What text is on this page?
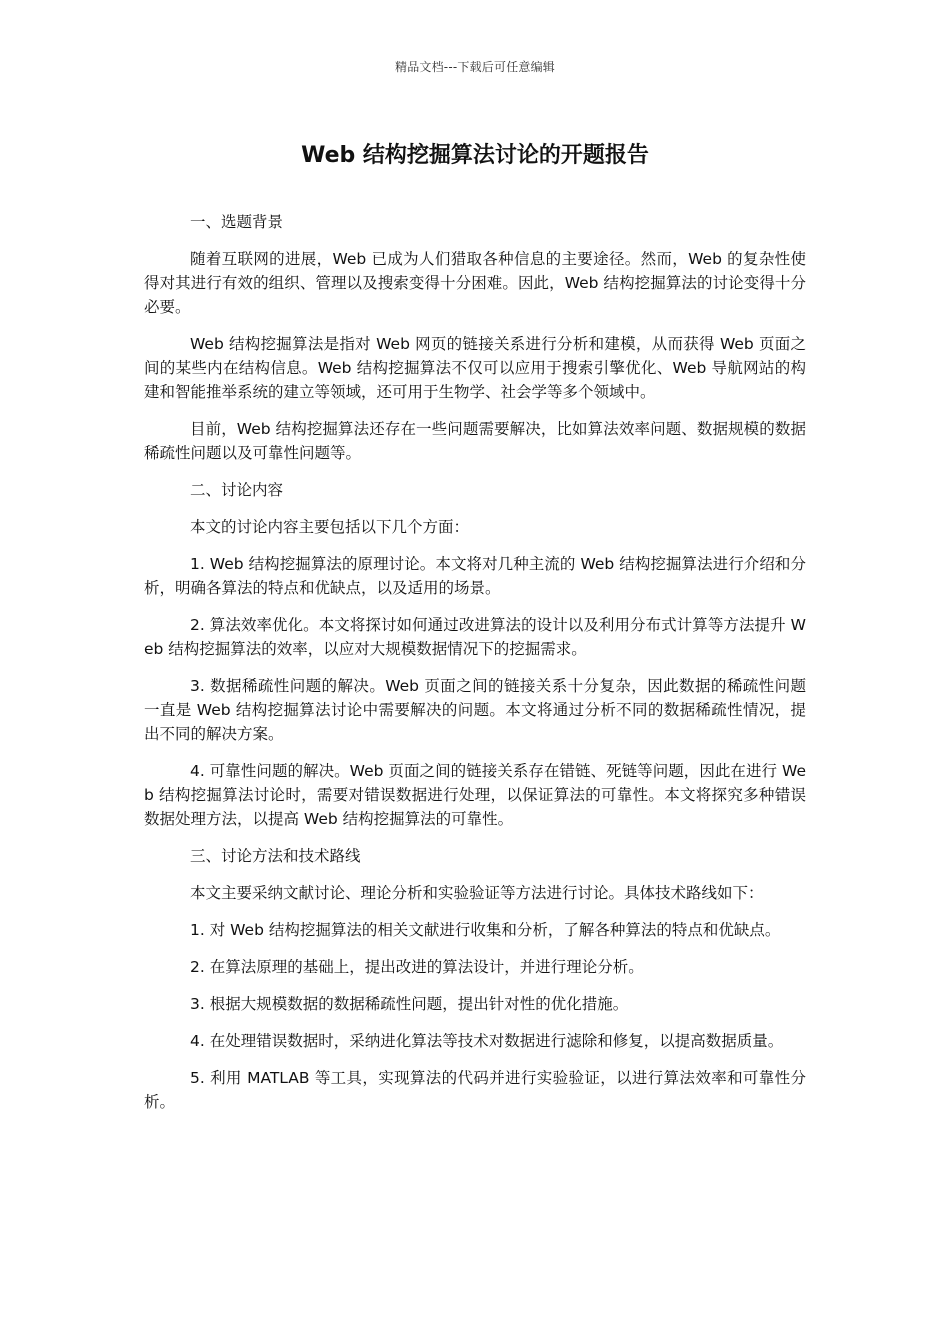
精品文档---下载后可任意编辑
Web 结构挖掘算法讨论的开题报告

一、选题背景

随着互联网的进展，Web 已成为人们猎取各种信息的主要途径。然而，Web 的复杂性使得对其进行有效的组织、管理以及搜索变得十分困难。因此，Web 结构挖掘算法的讨论变得十分必要。

Web 结构挖掘算法是指对 Web 网页的链接关系进行分析和建模，从而获得 Web 页面之间的某些内在结构信息。Web 结构挖掘算法不仅可以应用于搜索引擎优化、Web 导航网站的构建和智能推举系统的建立等领域，还可用于生物学、社会学等多个领域中。

目前，Web 结构挖掘算法还存在一些问题需要解决，比如算法效率问题、数据规模的数据稀疏性问题以及可靠性问题等。

二、讨论内容

本文的讨论内容主要包括以下几个方面：

1. Web 结构挖掘算法的原理讨论。本文将对几种主流的 Web 结构挖掘算法进行介绍和分析，明确各算法的特点和优缺点，以及适用的场景。

2. 算法效率优化。本文将探讨如何通过改进算法的设计以及利用分布式计算等方法提升 Web 结构挖掘算法的效率，以应对大规模数据情况下的挖掘需求。

3. 数据稀疏性问题的解决。Web 页面之间的链接关系十分复杂，因此数据的稀疏性问题一直是 Web 结构挖掘算法讨论中需要解决的问题。本文将通过分析不同的数据稀疏性情况，提出不同的解决方案。

4. 可靠性问题的解决。Web 页面之间的链接关系存在错链、死链等问题，因此在进行 Web 结构挖掘算法讨论时，需要对错误数据进行处理，以保证算法的可靠性。本文将探究多种错误数据处理方法，以提高 Web 结构挖掘算法的可靠性。

三、讨论方法和技术路线

本文主要采纳文献讨论、理论分析和实验验证等方法进行讨论。具体技术路线如下：

1. 对 Web 结构挖掘算法的相关文献进行收集和分析，了解各种算法的特点和优缺点。

2. 在算法原理的基础上，提出改进的算法设计，并进行理论分析。

3. 根据大规模数据的数据稀疏性问题，提出针对性的优化措施。

4. 在处理错误数据时，采纳进化算法等技术对数据进行滤除和修复，以提高数据质量。

5. 利用 MATLAB 等工具，实现算法的代码并进行实验验证，以进行算法效率和可靠性分析。
